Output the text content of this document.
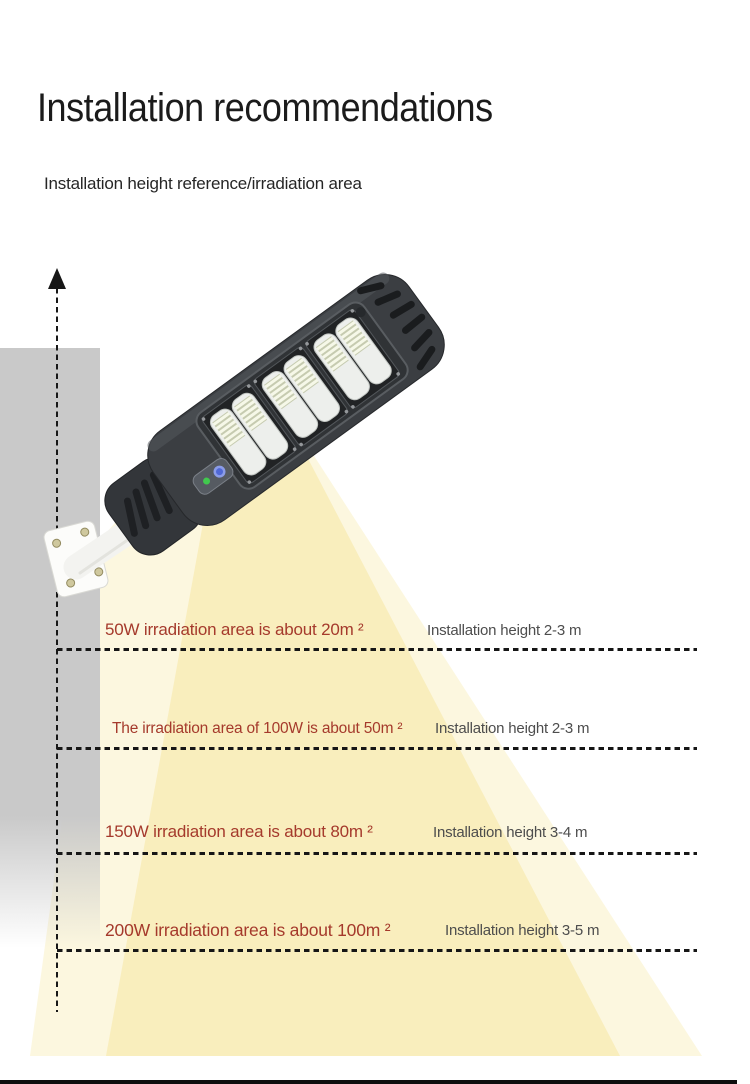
Installation recommendations
Installation height reference/irradiation area
50W irradiation area is about 20m ²	Installation height 2-3 m
The irradiation area of 100W is about 50m ² Installation height 2-3 m
150W irradiation area is about 80m ²	Installation height 3-4 m
200W irradiation area is about 100m ²	Installation height 3-5 m
